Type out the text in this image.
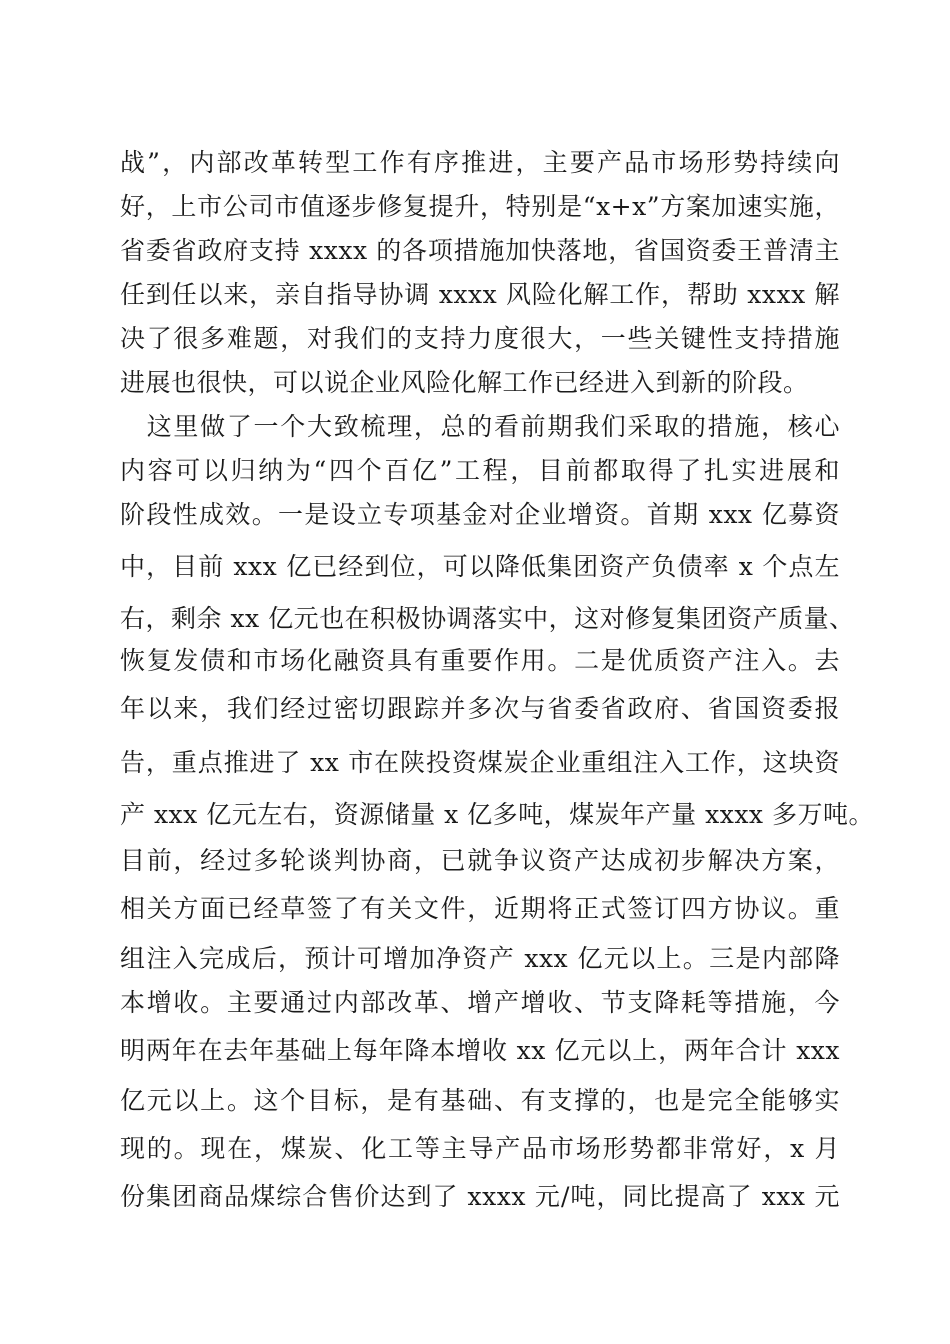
战”，内部改革转型工作有序推进，主要产品市场形势持续向
好，上市公司市值逐步修复提升，特别是“x+x”方案加速实施，
省委省政府支持 xxxx 的各项措施加快落地，省国资委王普清主
任到任以来，亲自指导协调 xxxx 风险化解工作，帮助 xxxx 解
决了很多难题，对我们的支持力度很大，一些关键性支持措施
进展也很快，可以说企业风险化解工作已经进入到新的阶段。
　这里做了一个大致梳理，总的看前期我们采取的措施，核心
内容可以归纳为“四个百亿”工程，目前都取得了扎实进展和
阶段性成效。一是设立专项基金对企业增资。首期 xxx 亿募资
中，目前 xxx 亿已经到位，可以降低集团资产负债率 x 个点左
右，剩余 xx 亿元也在积极协调落实中，这对修复集团资产质量、
恢复发债和市场化融资具有重要作用。二是优质资产注入。去
年以来，我们经过密切跟踪并多次与省委省政府、省国资委报
告，重点推进了 xx 市在陕投资煤炭企业重组注入工作，这块资
产 xxx 亿元左右，资源储量 x 亿多吨，煤炭年产量 xxxx 多万吨。
目前，经过多轮谈判协商，已就争议资产达成初步解决方案，
相关方面已经草签了有关文件，近期将正式签订四方协议。重
组注入完成后，预计可增加净资产 xxx 亿元以上。三是内部降
本增收。主要通过内部改革、增产增收、节支降耗等措施，今
明两年在去年基础上每年降本增收 xx 亿元以上，两年合计 xxx
亿元以上。这个目标，是有基础、有支撑的，也是完全能够实
现的。现在，煤炭、化工等主导产品市场形势都非常好，x 月
份集团商品煤综合售价达到了 xxxx 元/吨，同比提高了 xxx 元
